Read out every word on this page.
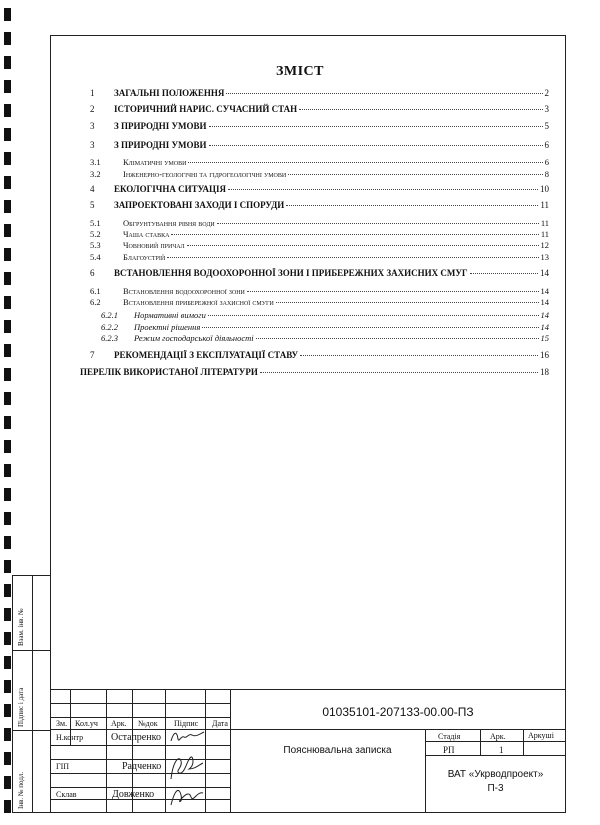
Взам. інв. №
Підпис і дата
Інв. № подл.
ЗМІСТ
1	ЗАГАЛЬНІ ПОЛОЖЕННЯ	2
2	ІСТОРИЧНИЙ НАРИС. СУЧАСНИЙ СТАН	3
3	З ПРИРОДНІ УМОВИ	5
3	З ПРИРОДНІ УМОВИ	6
3.1	Кліматичні умови	6
3.2	Інженерно-геологічні та гідрогеологічні умови	8
4	ЕКОЛОГІЧНА СИТУАЦІЯ	10
5	ЗАПРОЕКТОВАНІ ЗАХОДИ І СПОРУДИ	11
5.1	Обгрунтування рівня води	11
5.2	Чаша ставка	11
5.3	Човновий причал	12
5.4	Благоустрій	13
6	ВСТАНОВЛЕННЯ ВОДООХОРОННОЇ ЗОНИ І ПРИБЕРЕЖНИХ ЗАХИСНИХ СМУГ	14
6.1	Встановлення водоохоронної зони	14
6.2	Встановлення прибережної захисної смуги	14
6.2.1	Нормативні вимоги	14
6.2.2	Проектні рішення	14
6.2.3	Режим господарської діяльності	15
7	РЕКОМЕНДАЦІЇ З ЕКСПЛУАТАЦІЇ СТАВУ	16
ПЕРЕЛІК ВИКОРИСТАНОЇ ЛІТЕРАТУРИ	18
Зм. Кол.уч Арк. №док Підпис Дата
Н.контр	Остапренко
ГІП	Радченко
Склав	Довженко
Стадія	Арк.	Аркуші
РП	1
01035101-207133-00.00-ПЗ
Пояснювальна записка
ВАТ «Укрводпроект»
П-3
